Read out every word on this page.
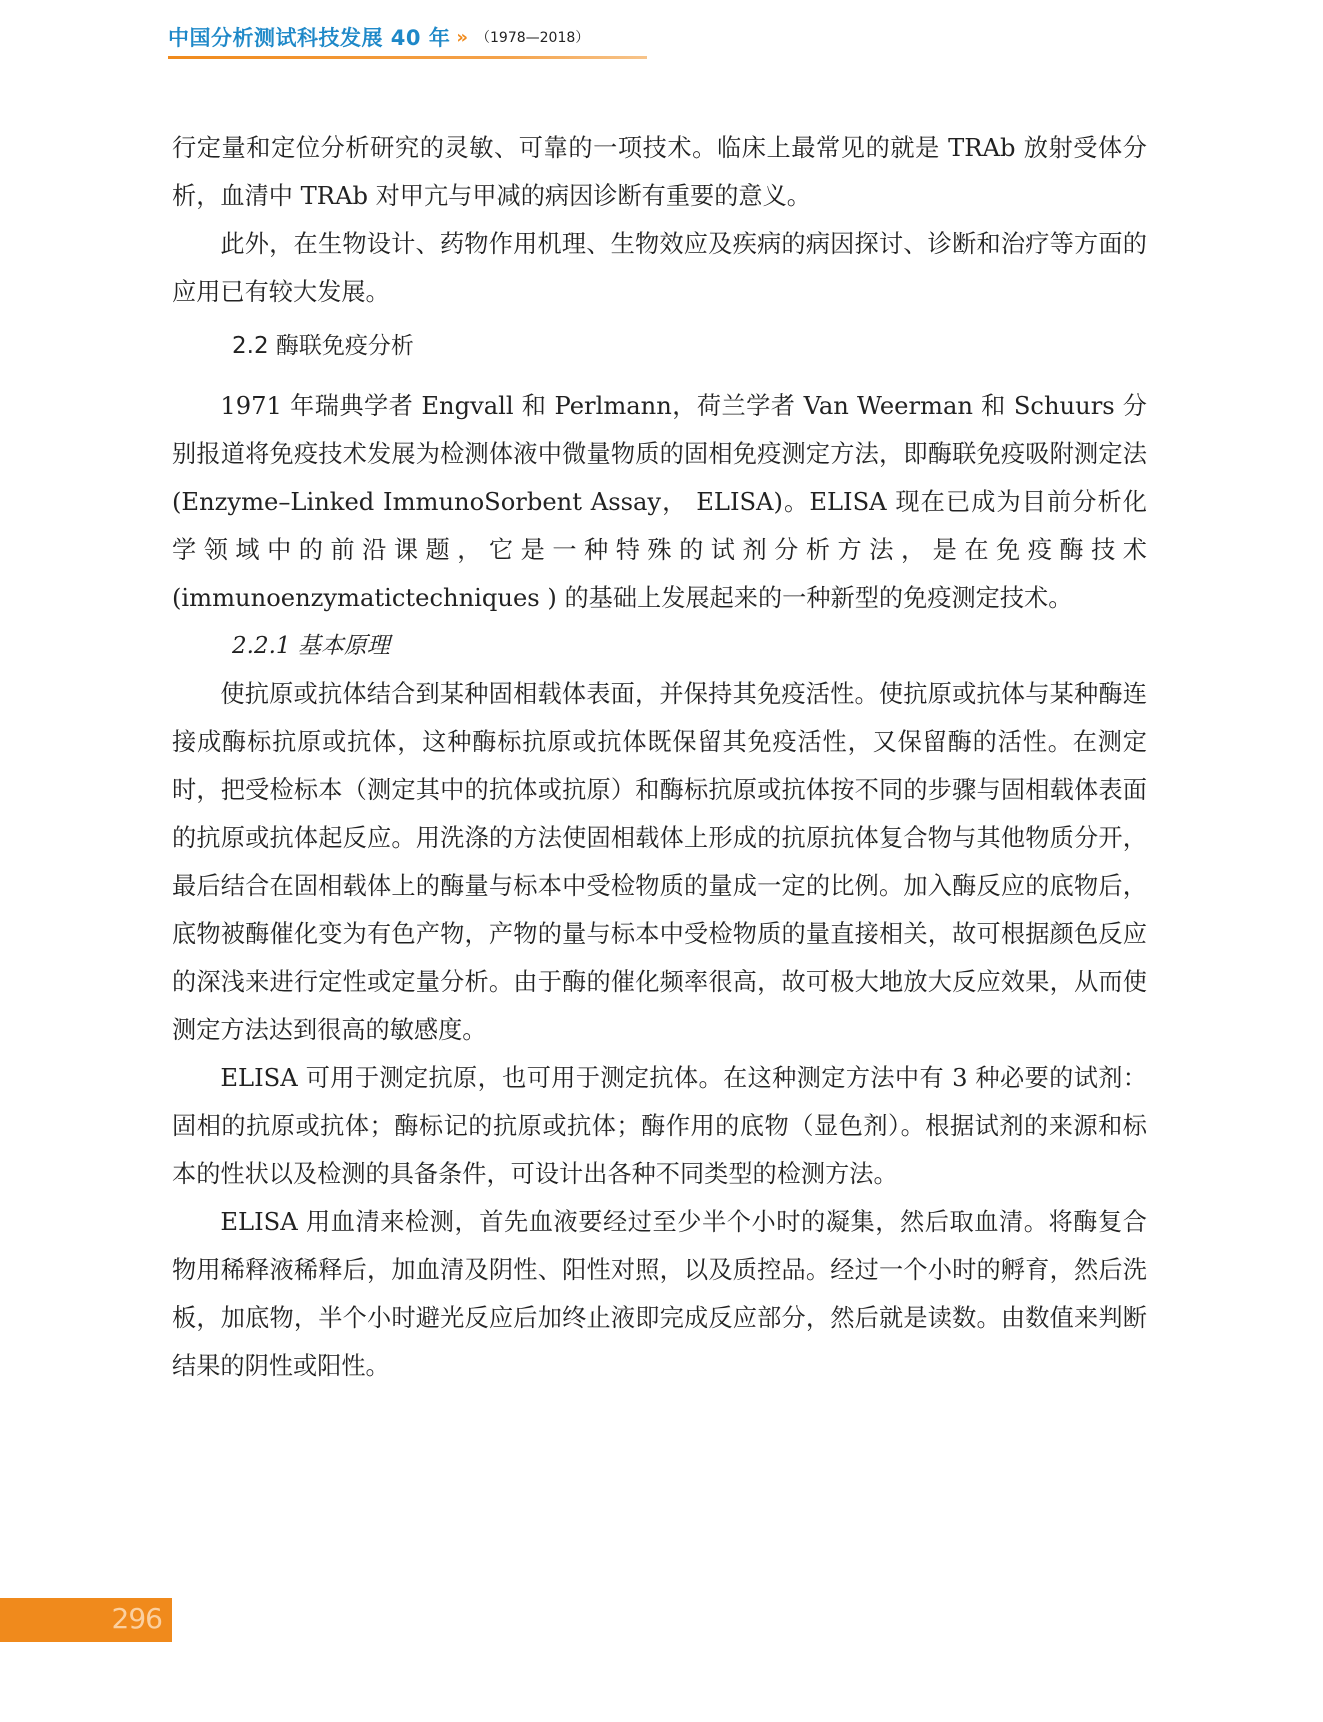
中国分析测试科技发展 40 年 » （1978—2018）

行定量和定位分析研究的灵敏、可靠的一项技术。临床上最常见的就是 TRAb 放射受体分析，血清中 TRAb 对甲亢与甲减的病因诊断有重要的意义。

此外，在生物设计、药物作用机理、生物效应及疾病的病因探讨、诊断和治疗等方面的应用已有较大发展。

2.2 酶联免疫分析

1971 年瑞典学者 Engvall 和 Perlmann，荷兰学者 Van Weerman 和 Schuurs 分别报道将免疫技术发展为检测体液中微量物质的固相免疫测定方法，即酶联免疫吸附测定法 (Enzyme–Linked ImmunoSorbent Assay， ELISA)。ELISA 现在已成为目前分析化学领域中的前沿课题，它是一种特殊的试剂分析方法，是在免疫酶技术 (immunoenzymatictechniques ) 的基础上发展起来的一种新型的免疫测定技术。

2.2.1 基本原理

使抗原或抗体结合到某种固相载体表面，并保持其免疫活性。使抗原或抗体与某种酶连接成酶标抗原或抗体，这种酶标抗原或抗体既保留其免疫活性，又保留酶的活性。在测定时，把受检标本（测定其中的抗体或抗原）和酶标抗原或抗体按不同的步骤与固相载体表面的抗原或抗体起反应。用洗涤的方法使固相载体上形成的抗原抗体复合物与其他物质分开，最后结合在固相载体上的酶量与标本中受检物质的量成一定的比例。加入酶反应的底物后，底物被酶催化变为有色产物，产物的量与标本中受检物质的量直接相关，故可根据颜色反应的深浅来进行定性或定量分析。由于酶的催化频率很高，故可极大地放大反应效果，从而使测定方法达到很高的敏感度。

ELISA 可用于测定抗原，也可用于测定抗体。在这种测定方法中有 3 种必要的试剂：固相的抗原或抗体；酶标记的抗原或抗体；酶作用的底物（显色剂）。根据试剂的来源和标本的性状以及检测的具备条件，可设计出各种不同类型的检测方法。

ELISA 用血清来检测，首先血液要经过至少半个小时的凝集，然后取血清。将酶复合物用稀释液稀释后，加血清及阴性、阳性对照，以及质控品。经过一个小时的孵育，然后洗板，加底物，半个小时避光反应后加终止液即完成反应部分，然后就是读数。由数值来判断结果的阴性或阳性。

296
